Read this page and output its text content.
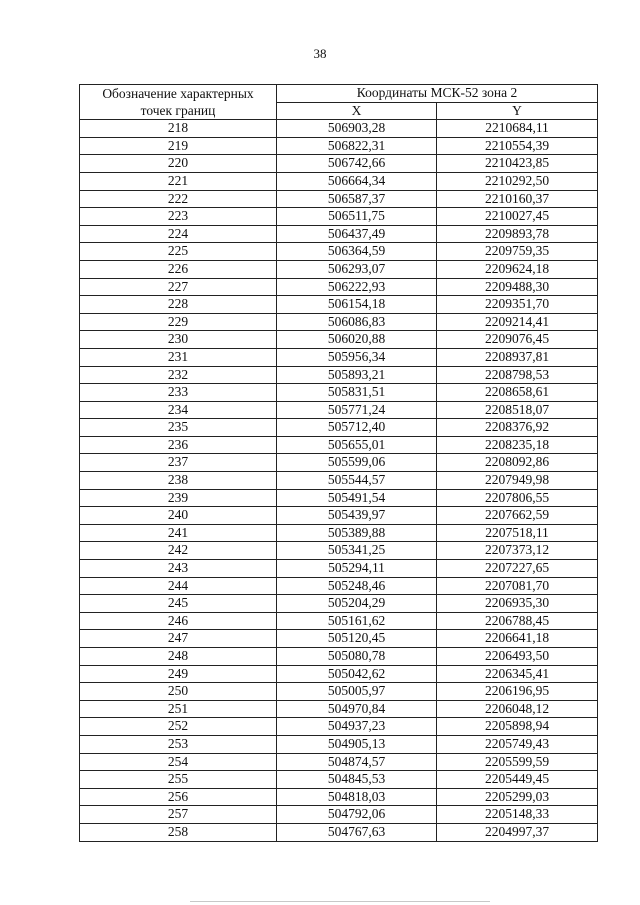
38
Обозначение характерных
точек границ	Координаты МСК-52 зона 2	
	X	Y
218	506903,28	2210684,11
219	506822,31	2210554,39
220	506742,66	2210423,85
221	506664,34	2210292,50
222	506587,37	2210160,37
223	506511,75	2210027,45
224	506437,49	2209893,78
225	506364,59	2209759,35
226	506293,07	2209624,18
227	506222,93	2209488,30
228	506154,18	2209351,70
229	506086,83	2209214,41
230	506020,88	2209076,45
231	505956,34	2208937,81
232	505893,21	2208798,53
233	505831,51	2208658,61
234	505771,24	2208518,07
235	505712,40	2208376,92
236	505655,01	2208235,18
237	505599,06	2208092,86
238	505544,57	2207949,98
239	505491,54	2207806,55
240	505439,97	2207662,59
241	505389,88	2207518,11
242	505341,25	2207373,12
243	505294,11	2207227,65
244	505248,46	2207081,70
245	505204,29	2206935,30
246	505161,62	2206788,45
247	505120,45	2206641,18
248	505080,78	2206493,50
249	505042,62	2206345,41
250	505005,97	2206196,95
251	504970,84	2206048,12
252	504937,23	2205898,94
253	504905,13	2205749,43
254	504874,57	2205599,59
255	504845,53	2205449,45
256	504818,03	2205299,03
257	504792,06	2205148,33
258	504767,63	2204997,37
